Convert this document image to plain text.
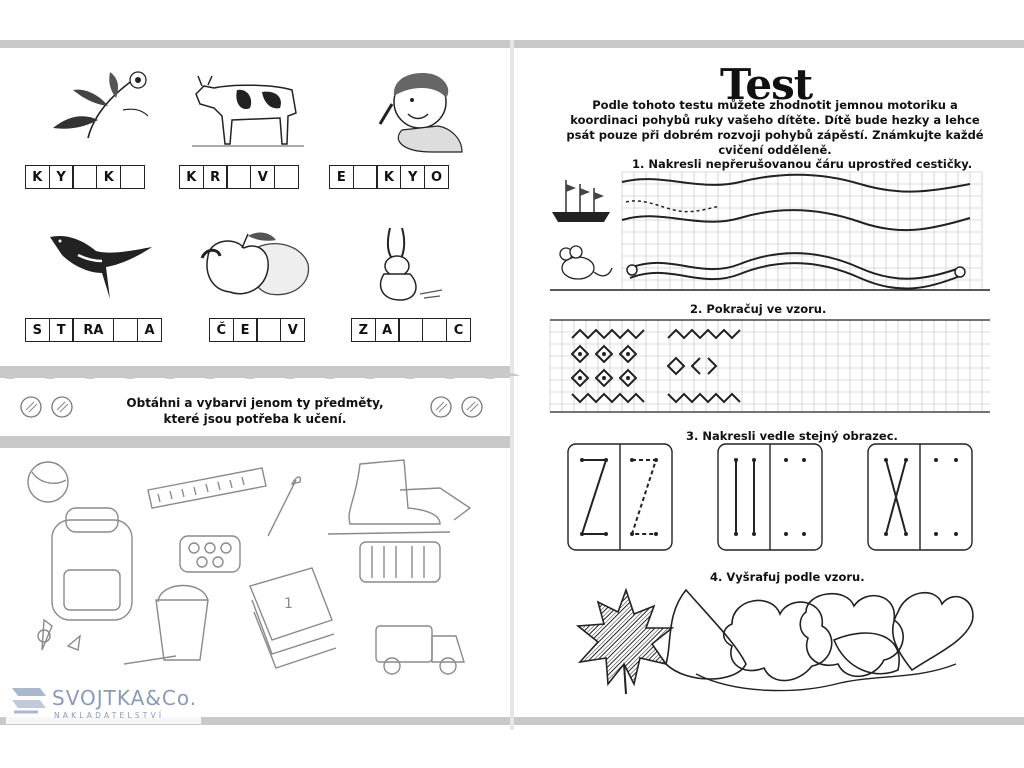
K	Y	K	K	R	V	E	K	Y	O
S	T	RA	A	Č	E	V	Z	A	C
Obtáhni a vybarvi jenom ty předměty,
které jsou potřeba k učení.
1
Test
Podle tohoto testu můžete zhodnotit jemnou motoriku a koordinaci pohybů ruky vašeho dítěte. Dítě bude hezky a lehce psát pouze při dobrém rozvoji pohybů zápěstí. Známkujte každé cvičení odděleně.
1. Nakresli nepřerušovanou čáru uprostřed cestičky.
2. Pokračuj ve vzoru.
3. Nakresli vedle stejný obrazec.
4. Vyšrafuj podle vzoru.
SVOJTKA&Co.
NAKLADATELSTVÍ
